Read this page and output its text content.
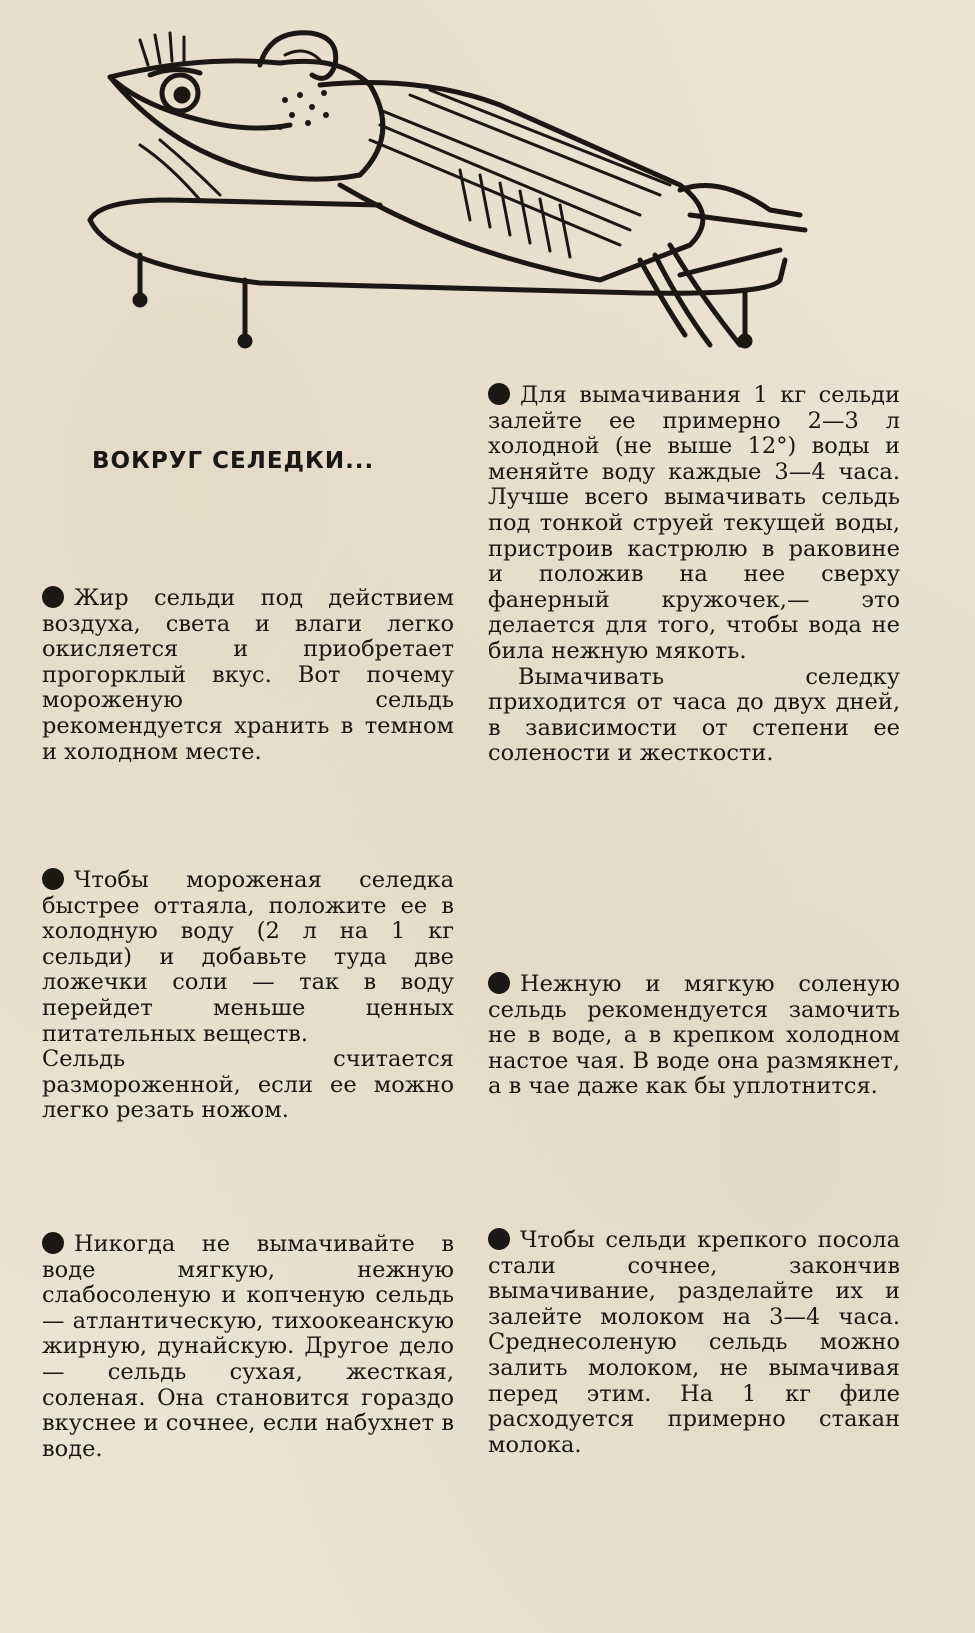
ВОКРУГ СЕЛЕДКИ...
Жир сельди под действием воздуха, света и влаги легко окисляется и приобретает прогорклый вкус. Вот почему мороженую сельдь рекомендуется хранить в темном и холодном месте.
Чтобы мороженая селедка быстрее оттаяла, положите ее в холодную воду (2 л на 1 кг сельди) и добавьте туда две ложечки соли — так в воду перейдет меньше ценных питательных веществ.
Сельдь считается размороженной, если ее можно легко резать ножом.
Никогда не вымачивайте в воде мягкую, нежную слабосоленую и копченую сельдь — атлантическую, тихоокеанскую жирную, дунайскую. Другое дело — сельдь сухая, жесткая, соленая. Она становится гораздо вкуснее и сочнее, если набухнет в воде.
Для вымачивания 1 кг сельди залейте ее примерно 2—3 л холодной (не выше 12°) воды и меняйте воду каждые 3—4 часа. Лучше всего вымачивать сельдь под тонкой струей текущей воды, пристроив кастрюлю в раковине и положив на нее сверху фанерный кружочек,— это делается для того, чтобы вода не била нежную мякоть.
Вымачивать селедку приходится от часа до двух дней, в зависимости от степени ее солености и жесткости.
Нежную и мягкую соленую сельдь рекомендуется замочить не в воде, а в крепком холодном настое чая. В воде она размякнет, а в чае даже как бы уплотнится.
Чтобы сельди крепкого посола стали сочнее, закончив вымачивание, разделайте их и залейте молоком на 3—4 часа. Среднесоленую сельдь можно залить молоком, не вымачивая перед этим. На 1 кг филе расходуется примерно стакан молока.
